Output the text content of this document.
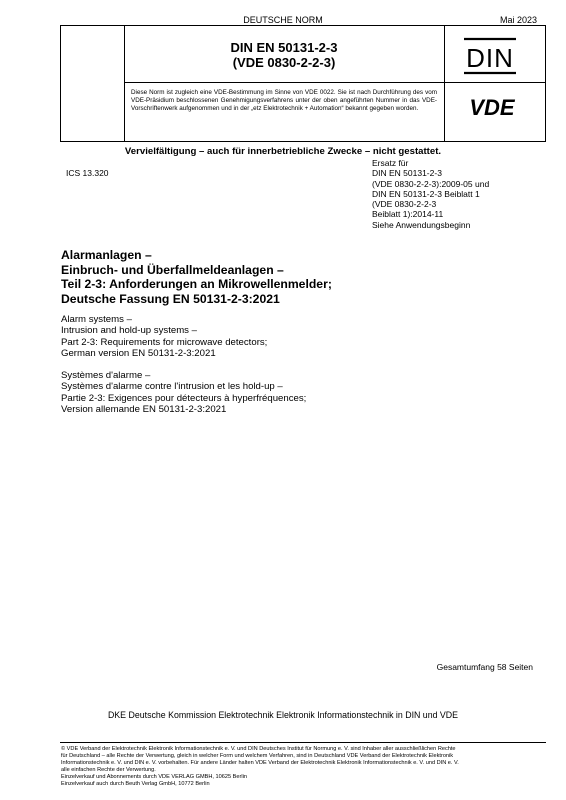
DEUTSCHE NORM	Mai 2023
DIN EN 50131-2-3
(VDE 0830-2-2-3)	DIN
Diese Norm ist zugleich eine VDE-Bestimmung im Sinne von VDE 0022. Sie ist nach Durchführung des vom VDE-Präsidium beschlossenen Genehmigungsverfahrens unter der oben angeführten Nummer in das VDE-Vorschriftenwerk aufgenommen und in der „etz Elektrotechnik + Automation“ bekannt gegeben worden.	VDE
Vervielfältigung – auch für innerbetriebliche Zwecke – nicht gestattet.
ICS 13.320
Ersatz für
DIN EN 50131-2-3
(VDE 0830-2-2-3):2009-05 und
DIN EN 50131-2-3 Beiblatt 1
(VDE 0830-2-2-3
Beiblatt 1):2014-11
Siehe Anwendungsbeginn
Alarmanlagen –
Einbruch- und Überfallmeldeanlagen –
Teil 2-3: Anforderungen an Mikrowellenmelder;
Deutsche Fassung EN 50131-2-3:2021
Alarm systems –
Intrusion and hold-up systems –
Part 2-3: Requirements for microwave detectors;
German version EN 50131-2-3:2021
Systèmes d'alarme –
Systèmes d'alarme contre l'intrusion et les hold-up –
Partie 2-3: Exigences pour détecteurs à hyperfréquences;
Version allemande EN 50131-2-3:2021
Gesamtumfang 58 Seiten
DKE Deutsche Kommission Elektrotechnik Elektronik Informationstechnik in DIN und VDE
© VDE Verband der Elektrotechnik Elektronik Informationstechnik e. V. und DIN Deutsches Institut für Normung e. V. sind Inhaber aller ausschließlichen Rechte
für Deutschland – alle Rechte der Verwertung, gleich in welcher Form und welchem Verfahren, sind in Deutschland VDE Verband der Elektrotechnik Elektronik
Informationstechnik e. V. und DIN e. V. vorbehalten. Für andere Länder halten VDE Verband der Elektrotechnik Elektronik Informationstechnik e. V. und DIN e. V.
alle einfachen Rechte der Verwertung.
Einzelverkauf und Abonnements durch VDE VERLAG GMBH, 10625 Berlin
Einzelverkauf auch durch Beuth Verlag GmbH, 10772 Berlin
